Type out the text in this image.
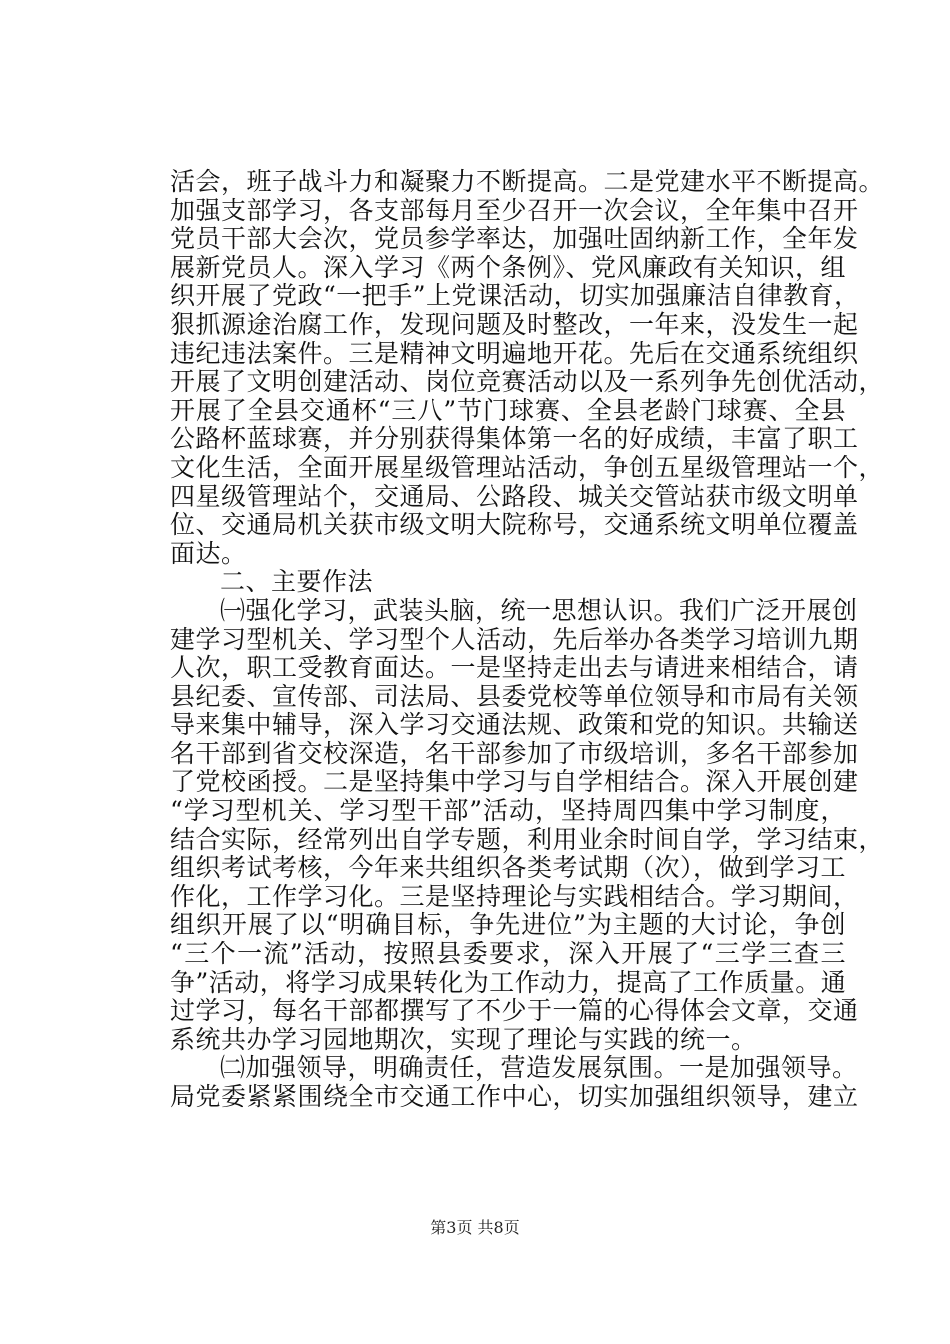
活会，班子战斗力和凝聚力不断提高。二是党建水平不断提高。
加强支部学习，各支部每月至少召开一次会议，全年集中召开
党员干部大会次，党员参学率达，加强吐固纳新工作，全年发
展新党员人。深入学习《两个条例》、党风廉政有关知识，组
织开展了党政“一把手”上党课活动，切实加强廉洁自律教育，
狠抓源途治腐工作，发现问题及时整改，一年来，没发生一起
违纪违法案件。三是精神文明遍地开花。先后在交通系统组织
开展了文明创建活动、岗位竞赛活动以及一系列争先创优活动，
开展了全县交通杯“三八”节门球赛、全县老龄门球赛、全县
公路杯蓝球赛，并分别获得集体第一名的好成绩，丰富了职工
文化生活，全面开展星级管理站活动，争创五星级管理站一个，
四星级管理站个，交通局、公路段、城关交管站获市级文明单
位、交通局机关获市级文明大院称号，交通系统文明单位覆盖
面达。
二、主要作法
㈠强化学习，武装头脑，统一思想认识。我们广泛开展创
建学习型机关、学习型个人活动，先后举办各类学习培训九期
人次，职工受教育面达。一是坚持走出去与请进来相结合，请
县纪委、宣传部、司法局、县委党校等单位领导和市局有关领
导来集中辅导，深入学习交通法规、政策和党的知识。共输送
名干部到省交校深造，名干部参加了市级培训，多名干部参加
了党校函授。二是坚持集中学习与自学相结合。深入开展创建
“学习型机关、学习型干部”活动，坚持周四集中学习制度，
结合实际，经常列出自学专题，利用业余时间自学，学习结束，
组织考试考核，今年来共组织各类考试期（次），做到学习工
作化，工作学习化。三是坚持理论与实践相结合。学习期间，
组织开展了以“明确目标，争先进位”为主题的大讨论，争创
“三个一流”活动，按照县委要求，深入开展了“三学三查三
争”活动，将学习成果转化为工作动力，提高了工作质量。通
过学习，每名干部都撰写了不少于一篇的心得体会文章，交通
系统共办学习园地期次，实现了理论与实践的统一。
㈡加强领导，明确责任，营造发展氛围。一是加强领导。
局党委紧紧围绕全市交通工作中心，切实加强组织领导，建立
第3页 共8页
